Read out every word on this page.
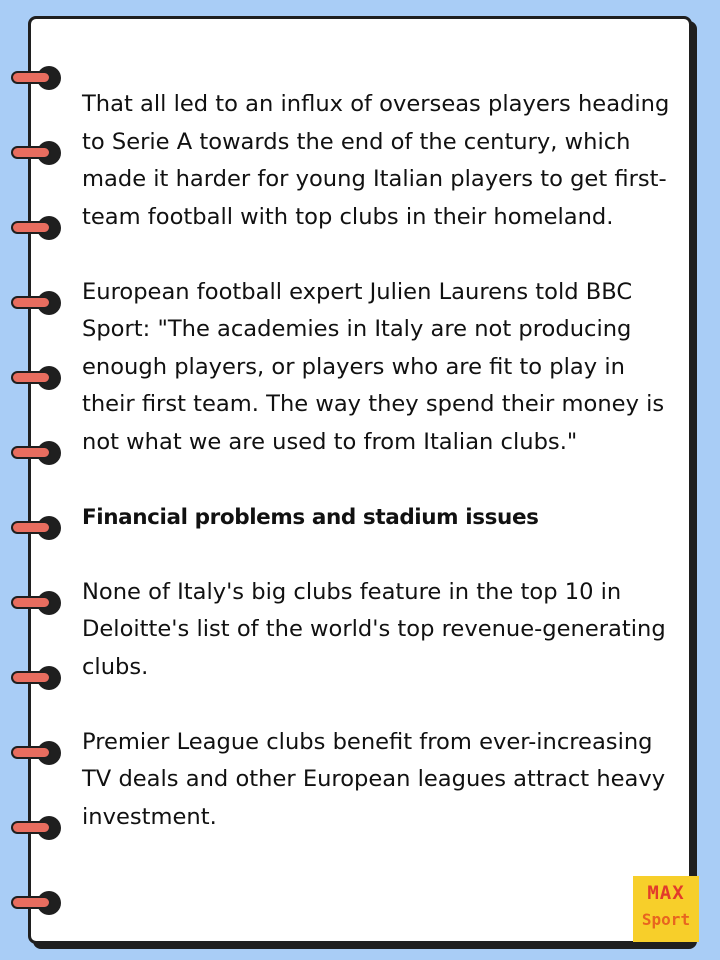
That all led to an influx of overseas players heading to Serie A towards the end of the century, which made it harder for young Italian players to get first-team football with top clubs in their homeland.

European football expert Julien Laurens told BBC Sport: "The academies in Italy are not producing enough players, or players who are fit to play in their first team. The way they spend their money is not what we are used to from Italian clubs."

Financial problems and stadium issues

None of Italy's big clubs feature in the top 10 in Deloitte's list of the world's top revenue-generating clubs.

Premier League clubs benefit from ever-increasing TV deals and other European leagues attract heavy investment.

MAX
Sport
